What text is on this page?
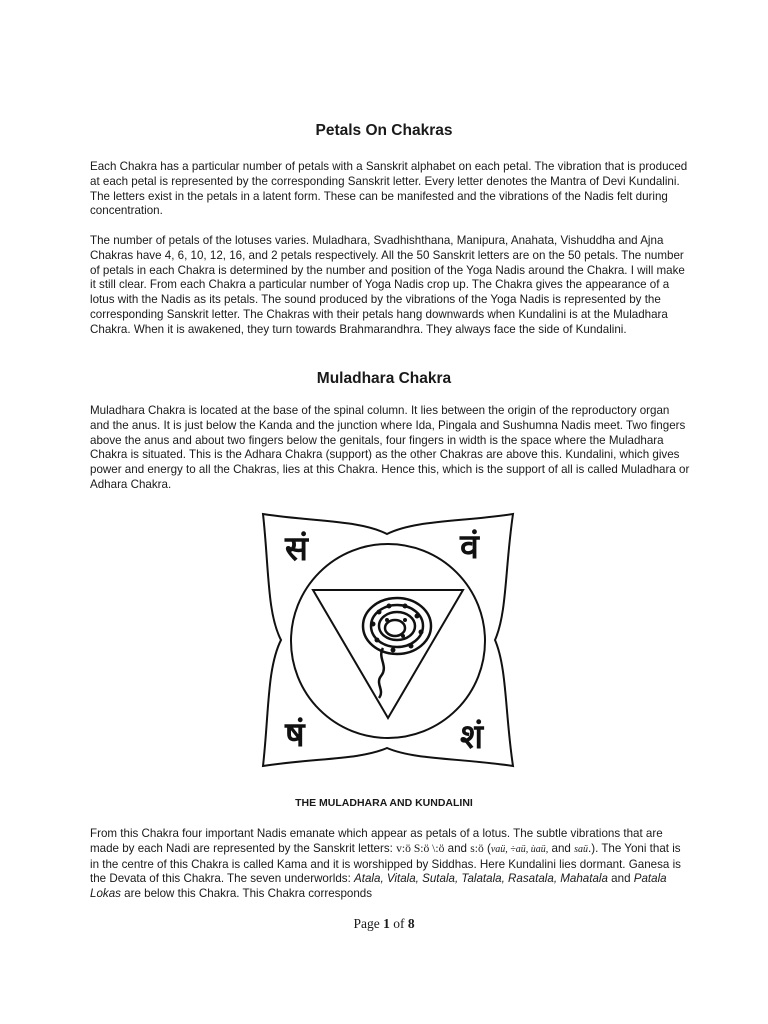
Petals On Chakras

Each Chakra has a particular number of petals with a Sanskrit alphabet on each petal. The vibration that is produced at each petal is represented by the corresponding Sanskrit letter. Every letter denotes the Mantra of Devi Kundalini. The letters exist in the petals in a latent form. These can be manifested and the vibrations of the Nadis felt during concentration.

The number of petals of the lotuses varies. Muladhara, Svadhishthana, Manipura, Anahata, Vishuddha and Ajna Chakras have 4, 6, 10, 12, 16, and 2 petals respectively. All the 50 Sanskrit letters are on the 50 petals. The number of petals in each Chakra is determined by the number and position of the Yoga Nadis around the Chakra. I will make it still clear. From each Chakra a particular number of Yoga Nadis crop up. The Chakra gives the appearance of a lotus with the Nadis as its petals. The sound produced by the vibrations of the Yoga Nadis is represented by the corresponding Sanskrit letter. The Chakras with their petals hang downwards when Kundalini is at the Muladhara Chakra. When it is awakened, they turn towards Brahmarandhra. They always face the side of Kundalini.

Muladhara Chakra

Muladhara Chakra is located at the base of the spinal column. It lies between the origin of the reproductory organ and the anus. It is just below the Kanda and the junction where Ida, Pingala and Sushumna Nadis meet. Two fingers above the anus and about two fingers below the genitals, four fingers in width is the space where the Muladhara Chakra is situated. This is the Adhara Chakra (support) as the other Chakras are above this. Kundalini, which gives power and energy to all the Chakras, lies at this Chakra. Hence this, which is the support of all is called Muladhara or Adhara Chakra.

सं	वं
षं	शं
THE MULADHARA AND KUNDALINI

From this Chakra four important Nadis emanate which appear as petals of a lotus. The subtle vibrations that are made by each Nadi are represented by the Sanskrit letters: v:ö S:ö \:ö and s:ö (vaü, ÷aü, ùaü, and saü.). The Yoni that is in the centre of this Chakra is called Kama and it is worshipped by Siddhas. Here Kundalini lies dormant. Ganesa is the Devata of this Chakra. The seven underworlds: Atala, Vitala, Sutala, Talatala, Rasatala, Mahatala and Patala Lokas are below this Chakra. This Chakra corresponds

Page 1 of 8
